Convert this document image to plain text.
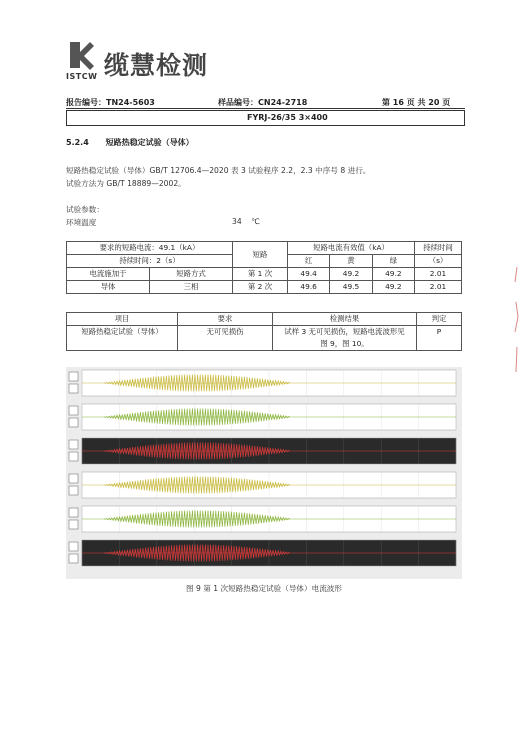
ISTCW 缆慧检测
报告编号：TN24-5603	样品编号：CN24-2718	第 16 页 共 20 页
FYRJ-26/35 3×400
5.2.4 短路热稳定试验（导体）
短路热稳定试验（导体）GB/T 12706.4—2020 表 3 试验程序 2.2，2.3 中序号 8 进行。
试验方法为 GB/T 18889—2002。
试验参数：
环境温度	34 ℃
要求的短路电流：49.1（kA）		短路	短路电流有效值（kA）			持续时间
持续时间：2（s）			红	黄	绿	（s）
电流施加于	短路方式	第 1 次	49.4	49.2	49.2	2.01
导体	三相	第 2 次	49.6	49.5	49.2	2.01
项目	要求	检测结果	判定
短路热稳定试验（导体）	无可见损伤	试样 3 无可见损伤，短路电流波形见
图 9，图 10。	P
图 9 第 1 次短路热稳定试验（导体）电流波形
